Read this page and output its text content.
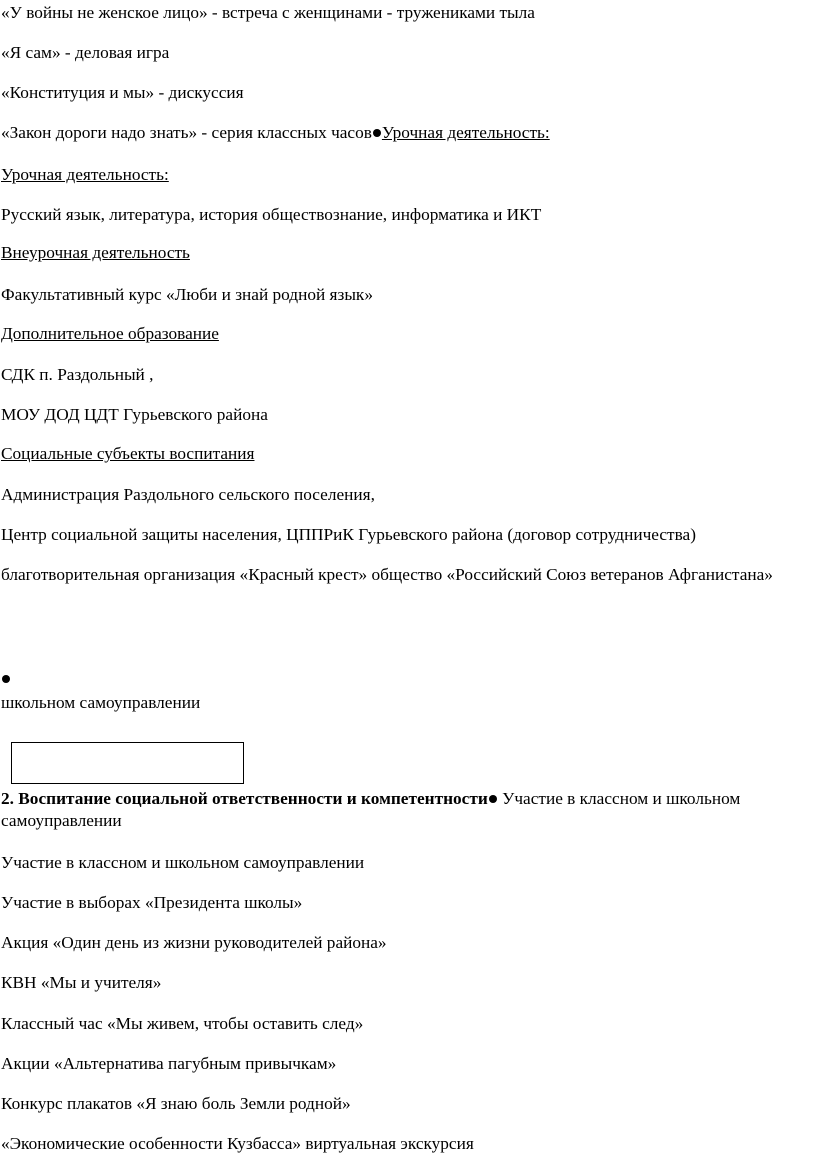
«У войны не женское лицо» - встреча с женщинами - тружениками тыла
«Я сам» - деловая игра
«Конституция и мы» - дискуссия
«Закон дороги надо знать» - серия классных часов Урочная деятельность:
Урочная деятельность:
Русский язык, литература, история обществознание, информатика и ИКТ
Внеурочная деятельность
Факультативный курс «Люби и знай родной язык»
Дополнительное образование
СДК п. Раздольный ,
МОУ ДОД ЦДТ Гурьевского района
Социальные субъекты воспитания
Администрация Раздольного сельского поселения,
Центр социальной защиты населения, ЦППРиК Гурьевского района (договор сотрудничества)
благотворительная организация «Красный крест» общество «Российский Союз ветеранов Афганистана»
школьном самоуправлении
2. Воспитание социальной ответственности и компетентности Участие в классном и школьном самоуправлении
Участие в классном и школьном самоуправлении
Участие в выборах «Президента школы»
Акция «Один день из жизни руководителей района»
КВН «Мы и учителя»
Классный час «Мы живем, чтобы оставить след»
Акции «Альтернатива пагубным привычкам»
Конкурс плакатов «Я знаю боль Земли родной»
«Экономические особенности Кузбасса» виртуальная экскурсия
